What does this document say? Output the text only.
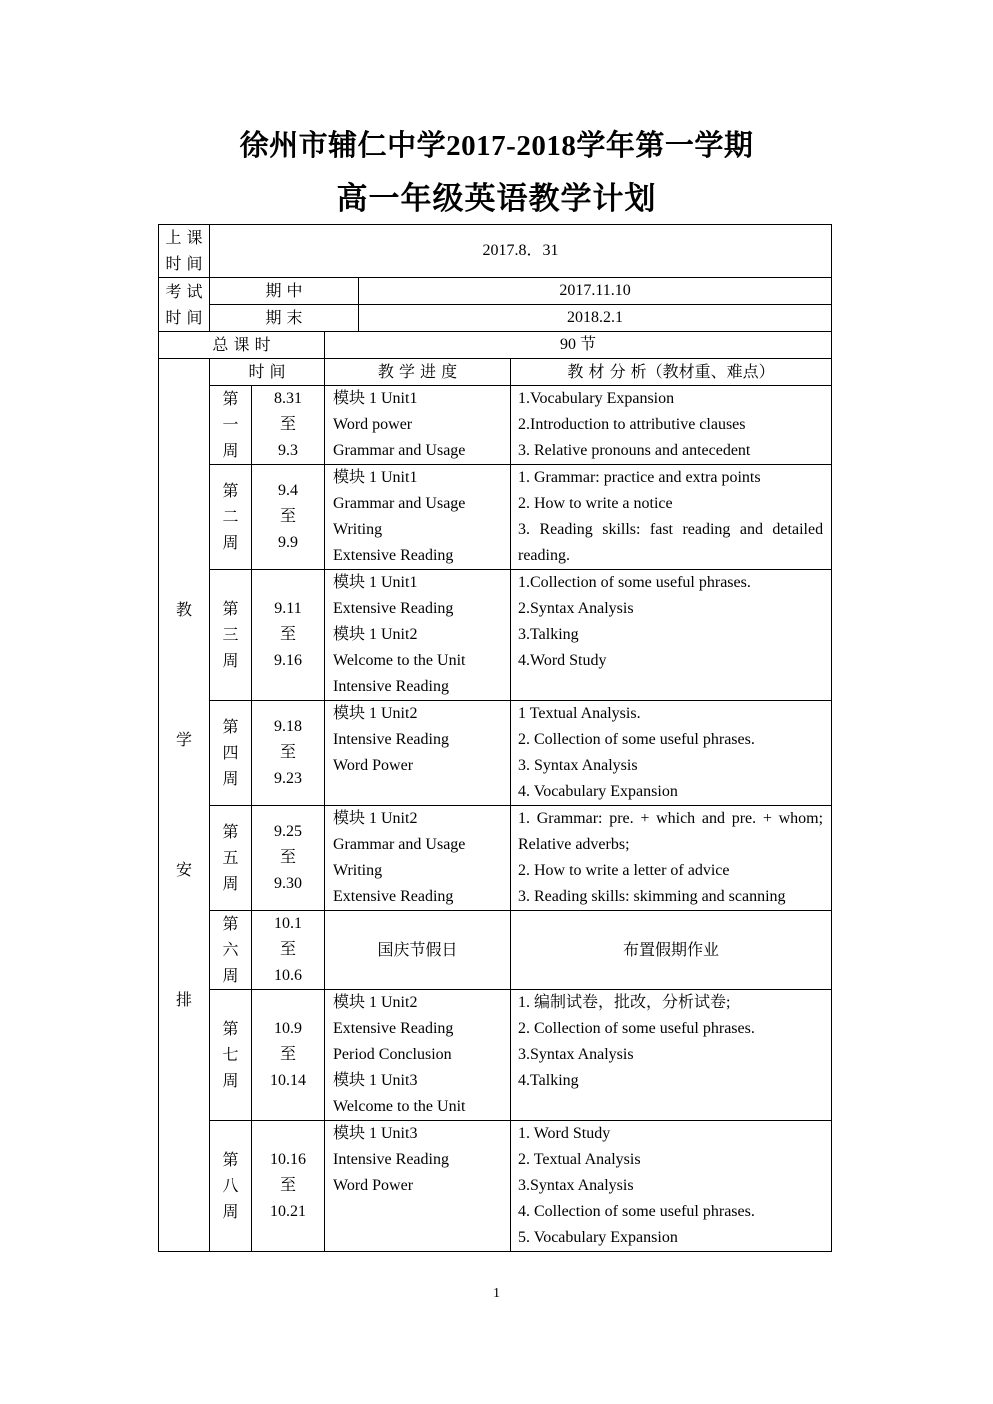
徐州市辅仁中学2017-2018学年第一学期
高一年级英语教学计划
上 课
时 间	2017.8．31				

考 试
时 间	期 中			2017.11.10	
	期 末			2018.2.1	
总 课 时			90 节		

教
学
安
排	时 间		教 学 进 度		教 材 分 析（教材重、难点）

	第
一
周	8.31
至
9.3	模块 1 Unit1
Word power
Grammar and Usage		1.Vocabulary Expansion
2.Introduction to attributive clauses
3. Relative pronouns and antecedent

	第
二
周	9.4
至
9.9	模块 1 Unit1
Grammar and Usage
Writing
Extensive Reading		1. Grammar: practice and extra points
2. How to write a notice
3. Reading skills: fast reading and detailed reading.

	第
三
周	9.11
至
9.16	模块 1 Unit1
Extensive Reading
模块 1 Unit2
Welcome to the Unit
Intensive Reading		1.Collection of some useful phrases.
2.Syntax Analysis
3.Talking
4.Word Study

	第
四
周	9.18
至
9.23	模块 1 Unit2
Intensive Reading
Word Power		1 Textual Analysis.
2. Collection of some useful phrases.
3. Syntax Analysis
4. Vocabulary Expansion

	第
五
周	9.25
至
9.30	模块 1 Unit2
Grammar and Usage
Writing
Extensive Reading		1. Grammar: pre. + which and pre. + whom; Relative adverbs;
2. How to write a letter of advice
3. Reading skills: skimming and scanning

	第
六
周	10.1
至
10.6	国庆节假日		布置假期作业

	第
七
周	10.9
至
10.14	模块 1 Unit2
Extensive Reading
Period Conclusion
模块 1 Unit3
Welcome to the Unit		1. 编制试卷，批改，分析试卷;
2. Collection of some useful phrases.
3.Syntax Analysis
4.Talking

	第
八
周	10.16
至
10.21	模块 1 Unit3
Intensive Reading
Word Power		1. Word Study
2. Textual Analysis
3.Syntax Analysis
4. Collection of some useful phrases.
5. Vocabulary Expansion
1
